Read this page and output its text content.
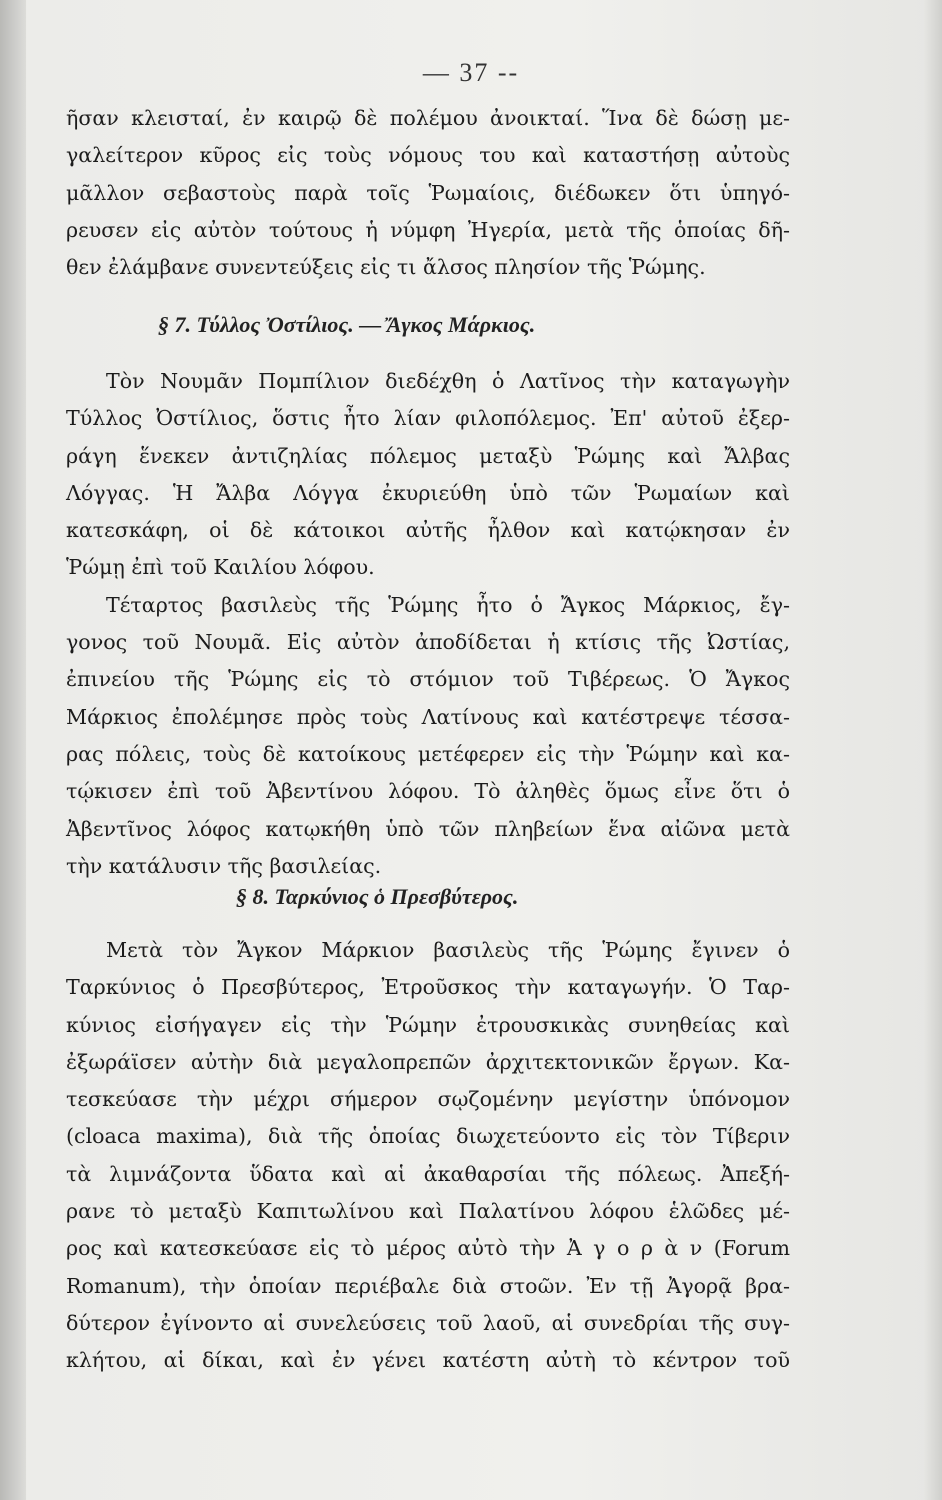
— 37 --
ῆσαν κλεισταί, ἐν καιρῷ δὲ πολέμου ἀνοικταί. Ἵνα δὲ δώσῃ με-
γαλείτερον κῦρος εἰς τοὺς νόμους του καὶ καταστήσῃ αὐτοὺς
μᾶλλον σεβαστοὺς παρὰ τοῖς Ῥωμαίοις, διέδωκεν ὅτι ὑπηγό-
ρευσεν εἰς αὐτὸν τούτους ἡ νύμφη Ἠγερία, μετὰ τῆς ὁποίας δῆ-
θεν ἐλάμβανε συνεντεύξεις εἰς τι ἄλσος πλησίον τῆς Ῥώμης.
§ 7. Τύλλος Ὀστίλιος. — Ἄγκος Μάρκιος.
Τὸν Νουμᾶν Πομπίλιον διεδέχθη ὁ Λατῖνος τὴν καταγωγὴν
Τύλλος Ὀστίλιος, ὅστις ἦτο λίαν φιλοπόλεμος. Ἐπ' αὐτοῦ ἐξερ-
ράγη ἕνεκεν ἀντιζηλίας πόλεμος μεταξὺ Ῥώμης καὶ Ἄλβας
Λόγγας. Ἡ Ἄλβα Λόγγα ἐκυριεύθη ὑπὸ τῶν Ῥωμαίων καὶ
κατεσκάφη, οἱ δὲ κάτοικοι αὐτῆς ἦλθον καὶ κατῴκησαν ἐν
Ῥώμῃ ἐπὶ τοῦ Καιλίου λόφου.
Τέταρτος βασιλεὺς τῆς Ῥώμης ἦτο ὁ Ἄγκος Μάρκιος, ἔγ-
γονος τοῦ Νουμᾶ. Εἰς αὐτὸν ἀποδίδεται ἡ κτίσις τῆς Ὠστίας,
ἐπινείου τῆς Ῥώμης εἰς τὸ στόμιον τοῦ Τιβέρεως. Ὁ Ἄγκος
Μάρκιος ἐπολέμησε πρὸς τοὺς Λατίνους καὶ κατέστρεψε τέσσα-
ρας πόλεις, τοὺς δὲ κατοίκους μετέφερεν εἰς τὴν Ῥώμην καὶ κα-
τῴκισεν ἐπὶ τοῦ Ἀβεντίνου λόφου. Τὸ ἀληθὲς ὅμως εἶνε ὅτι ὁ
Ἀβεντῖνος λόφος κατῳκήθη ὑπὸ τῶν πληβείων ἕνα αἰῶνα μετὰ
τὴν κατάλυσιν τῆς βασιλείας.
§ 8. Ταρκύνιος ὁ Πρεσβύτερος.
Μετὰ τὸν Ἄγκον Μάρκιον βασιλεὺς τῆς Ῥώμης ἔγινεν ὁ
Ταρκύνιος ὁ Πρεσβύτερος, Ἐτροῦσκος τὴν καταγωγήν. Ὁ Ταρ-
κύνιος εἰσήγαγεν εἰς τὴν Ῥώμην ἐτρουσκικὰς συνηθείας καὶ
ἐξωράϊσεν αὐτὴν διὰ μεγαλοπρεπῶν ἀρχιτεκτονικῶν ἔργων. Κα-
τεσκεύασε τὴν μέχρι σήμερον σῳζομένην μεγίστην ὑπόνομον
(cloaca maxima), διὰ τῆς ὁποίας διωχετεύοντο εἰς τὸν Τίβεριν
τὰ λιμνάζοντα ὕδατα καὶ αἱ ἀκαθαρσίαι τῆς πόλεως. Ἀπεξή-
ρανε τὸ μεταξὺ Καπιτωλίνου καὶ Παλατίνου λόφου ἑλῶδες μέ-
ρος καὶ κατεσκεύασε εἰς τὸ μέρος αὐτὸ τὴν Ἀ γ ο ρ ὰ ν (Forum
Romanum), τὴν ὁποίαν περιέβαλε διὰ στοῶν. Ἐν τῇ Ἀγορᾷ βρα-
δύτερον ἐγίνοντο αἱ συνελεύσεις τοῦ λαοῦ, αἱ συνεδρίαι τῆς συγ-
κλήτου, αἱ δίκαι, καὶ ἐν γένει κατέστη αὐτὴ τὸ κέντρον τοῦ
